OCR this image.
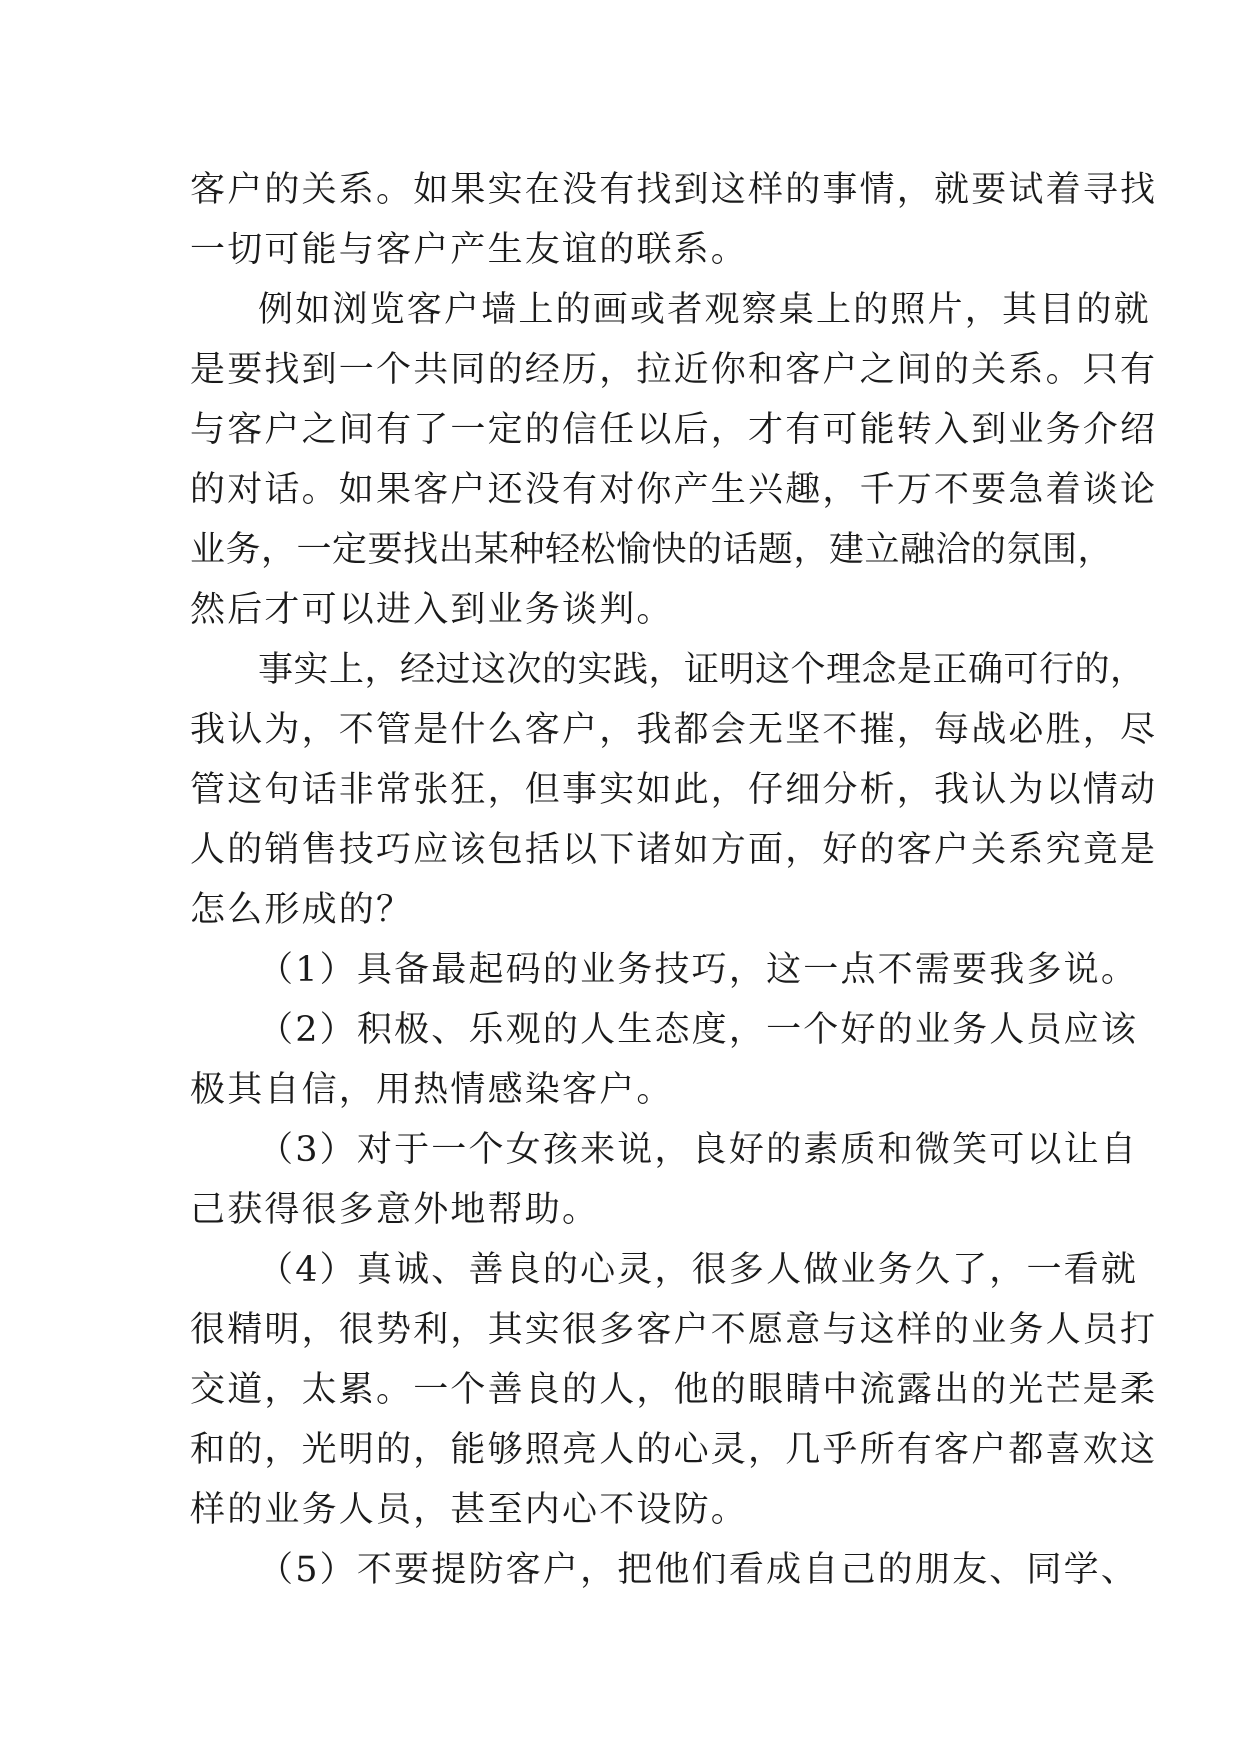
客户的关系。如果实在没有找到这样的事情，就要试着寻找

一切可能与客户产生友谊的联系。

例如浏览客户墙上的画或者观察桌上的照片，其目的就

是要找到一个共同的经历，拉近你和客户之间的关系。只有

与客户之间有了一定的信任以后，才有可能转入到业务介绍

的对话。如果客户还没有对你产生兴趣，千万不要急着谈论

业务，一定要找出某种轻松愉快的话题，建立融洽的氛围，

然后才可以进入到业务谈判。

事实上，经过这次的实践，证明这个理念是正确可行的，

我认为，不管是什么客户，我都会无坚不摧，每战必胜，尽

管这句话非常张狂，但事实如此，仔细分析，我认为以情动

人的销售技巧应该包括以下诸如方面，好的客户关系究竟是

怎么形成的？

（1）具备最起码的业务技巧，这一点不需要我多说。

（2）积极、乐观的人生态度，一个好的业务人员应该

极其自信，用热情感染客户。

（3）对于一个女孩来说，良好的素质和微笑可以让自

己获得很多意外地帮助。

（4）真诚、善良的心灵，很多人做业务久了，一看就

很精明，很势利，其实很多客户不愿意与这样的业务人员打

交道，太累。一个善良的人，他的眼睛中流露出的光芒是柔

和的，光明的，能够照亮人的心灵，几乎所有客户都喜欢这

样的业务人员，甚至内心不设防。

（5）不要提防客户，把他们看成自己的朋友、同学、
